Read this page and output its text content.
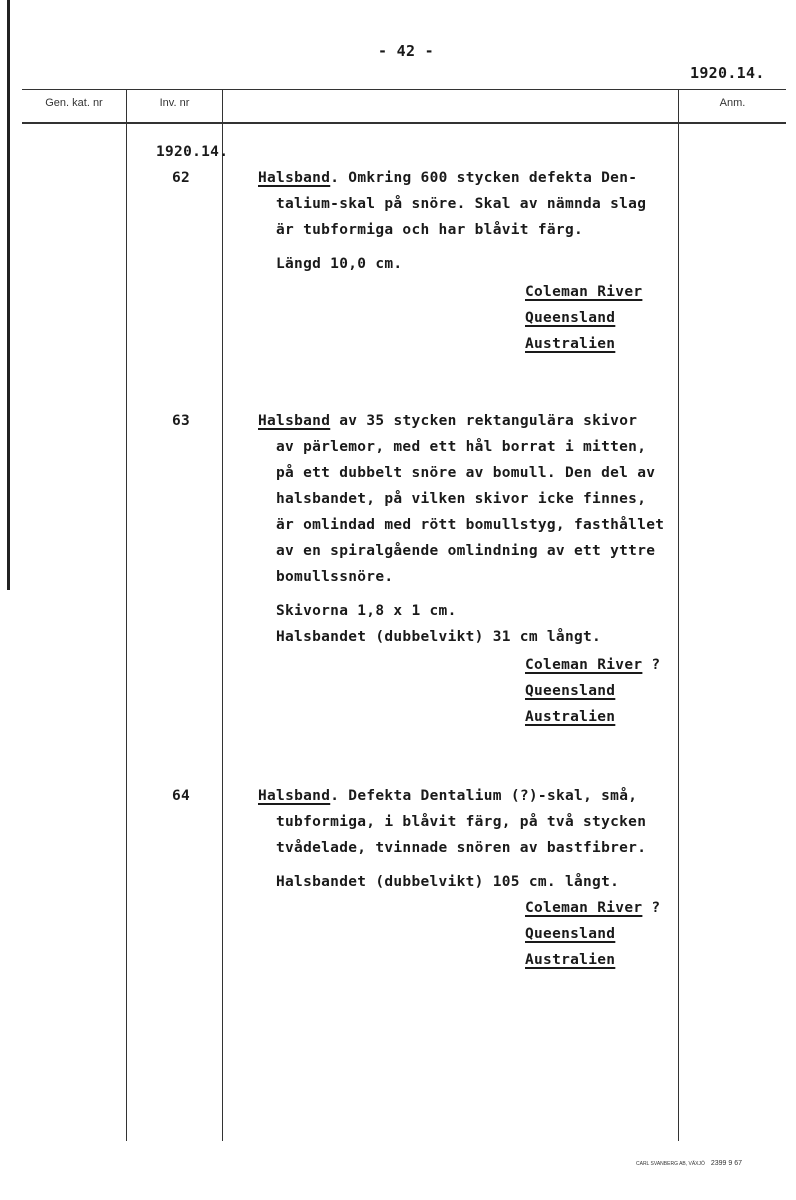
- 42 -
1920.14.
Gen. kat. nr	Inv. nr	Anm.
1920.14.
62	Halsband. Omkring 600 stycken defekta Den-
talium-skal på snöre. Skal av nämnda slag
är tubformiga och har blåvit färg.
Längd 10,0 cm.
Coleman River
Queensland
Australien
63	Halsband av 35 stycken rektangulära skivor
av pärlemor, med ett hål borrat i mitten,
på ett dubbelt snöre av bomull. Den del av
halsbandet, på vilken skivor icke finnes,
är omlindad med rött bomullstyg, fasthållet
av en spiralgående omlindning av ett yttre
bomullssnöre.
Skivorna 1,8 x 1 cm.
Halsbandet (dubbelvikt) 31 cm långt.
Coleman River ?
Queensland
Australien
64	Halsband. Defekta Dentalium (?)-skal, små,
tubformiga, i blåvit färg, på två stycken
tvådelade, tvinnade snören av bastfibrer.
Halsbandet (dubbelvikt) 105 cm. långt.
Coleman River ?
Queensland
Australien
CARL SVANBERG AB, VÄXJÖ 2399 9 67
